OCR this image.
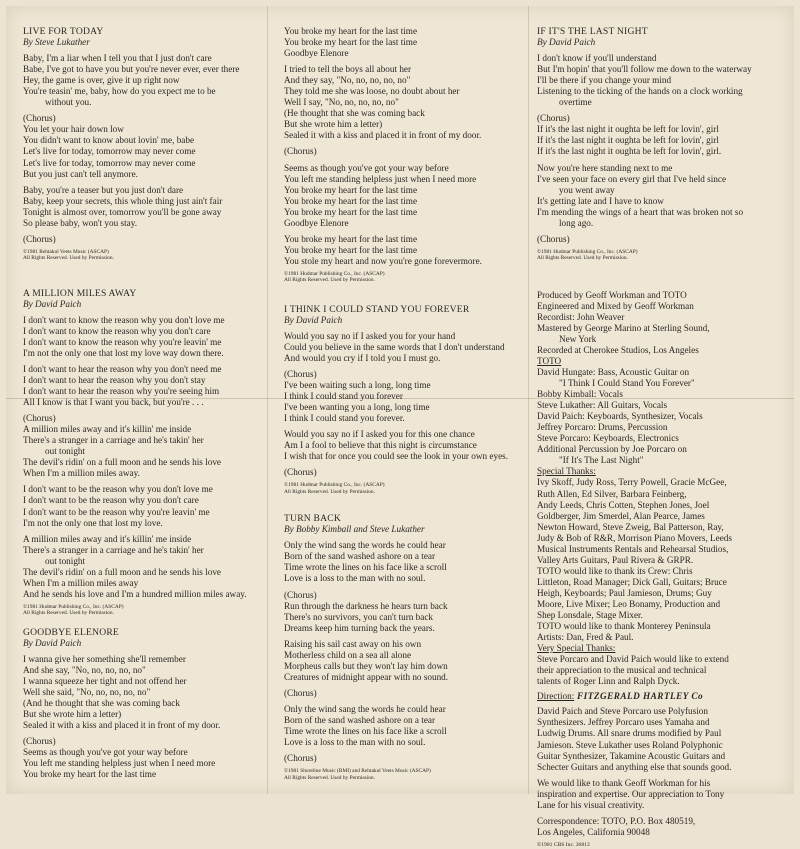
LIVE FOR TODAY
By Steve Lukather
Baby, I'm a liar when I tell you that I just don't care
Babe, I've got to have you but you're never ever, ever there
Hey, the game is over, give it up right now
You're teasin' me, baby, how do you expect me to be
without you.
(Chorus)
You let your hair down low
You didn't want to know about lovin' me, babe
Let's live for today, tomorrow may never come
Let's live for today, tomorrow may never come
But you just can't tell anymore.
Baby, you're a teaser but you just don't dare
Baby, keep your secrets, this whole thing just ain't fair
Tonight is almost over, tomorrow you'll be gone away
So please baby, won't you stay.
(Chorus)
©1981 Rehtakul Veets Music (ASCAP)
All Rights Reserved. Used by Permission.
A MILLION MILES AWAY
By David Paich
I don't want to know the reason why you don't love me
I don't want to know the reason why you don't care
I don't want to know the reason why you're leavin' me
I'm not the only one that lost my love way down there.
I don't want to hear the reason why you don't need me
I don't want to hear the reason why you don't stay
I don't want to hear the reason why you're seeing him
All I know is that I want you back, but you're . . .
(Chorus)
A million miles away and it's killin' me inside
There's a stranger in a carriage and he's takin' her
out tonight
The devil's ridin' on a full moon and he sends his love
When I'm a million miles away.
I don't want to be the reason why you don't love me
I don't want to be the reason why you don't care
I don't want to be the reason why you're leavin' me
I'm not the only one that lost my love.
A million miles away and it's killin' me inside
There's a stranger in a carriage and he's takin' her
out tonight
The devil's ridin' on a full moon and he sends his love
When I'm a million miles away
And he sends his love and I'm a hundred million miles away.
©1981 Hudmar Publishing Co., Inc. (ASCAP)
All Rights Reserved. Used by Permission.
GOODBYE ELENORE
By David Paich
I wanna give her something she'll remember
And she say, "No, no, no, no, no"
I wanna squeeze her tight and not offend her
Well she said, "No, no, no, no, no"
(And he thought that she was coming back
But she wrote him a letter)
Sealed it with a kiss and placed it in front of my door.
(Chorus)
Seems as though you've got your way before
You left me standing helpless just when I need more
You broke my heart for the last time
You broke my heart for the last time
You broke my heart for the last time
Goodbye Elenore
I tried to tell the boys all about her
And they say, "No, no, no, no, no"
They told me she was loose, no doubt about her
Well I say, "No, no, no, no, no"
(He thought that she was coming back
But she wrote him a letter)
Sealed it with a kiss and placed it in front of my door.
(Chorus)
Seems as though you've got your way before
You left me standing helpless just when I need more
You broke my heart for the last time
You broke my heart for the last time
You broke my heart for the last time
Goodbye Elenore
You broke my heart for the last time
You broke my heart for the last time
You stole my heart and now you're gone forevermore.
©1981 Hudmar Publishing Co., Inc. (ASCAP)
All Rights Reserved. Used by Permission.
I THINK I COULD STAND YOU FOREVER
By David Paich
Would you say no if I asked you for your hand
Could you believe in the same words that I don't understand
And would you cry if I told you I must go.
(Chorus)
I've been waiting such a long, long time
I think I could stand you forever
I've been wanting you a long, long time
I think I could stand you forever.
Would you say no if I asked you for this one chance
Am I a fool to believe that this night is circumstance
I wish that for once you could see the look in your own eyes.
(Chorus)
©1981 Hudmar Publishing Co., Inc. (ASCAP)
All Rights Reserved. Used by Permission.
TURN BACK
By Bobby Kimball and Steve Lukather
Only the wind sang the words he could hear
Born of the sand washed ashore on a tear
Time wrote the lines on his face like a scroll
Love is a loss to the man with no soul.
(Chorus)
Run through the darkness he hears turn back
There's no survivors, you can't turn back
Dreams keep him turning back the years.
Raising his sail cast away on his own
Motherless child on a sea all alone
Morpheus calls but they won't lay him down
Creatures of midnight appear with no sound.
(Chorus)
Only the wind sang the words he could hear
Born of the sand washed ashore on a tear
Time wrote the lines on his face like a scroll
Love is a loss to the man with no soul.
(Chorus)
©1981 Shoreline Music (BMI) and Rehtakul Veets Music (ASCAP)
All Rights Reserved. Used by Permission.
IF IT'S THE LAST NIGHT
By David Paich
I don't know if you'll understand
But I'm hopin' that you'll follow me down to the waterway
I'll be there if you change your mind
Listening to the ticking of the hands on a clock working
overtime
(Chorus)
If it's the last night it oughta be left for lovin', girl
If it's the last night it oughta be left for lovin', girl
If it's the last night it oughta be left for lovin', girl.
Now you're here standing next to me
I've seen your face on every girl that I've held since
you went away
It's getting late and I have to know
I'm mending the wings of a heart that was broken not so
long ago.
(Chorus)
©1981 Hudmar Publishing Co., Inc. (ASCAP)
All Rights Reserved. Used by Permission.
Produced by Geoff Workman and TOTO
Engineered and Mixed by Geoff Workman
Recordist: John Weaver
Mastered by George Marino at Sterling Sound,
New York
Recorded at Cherokee Studios, Los Angeles
TOTO
David Hungate: Bass, Acoustic Guitar on
"I Think I Could Stand You Forever"
Bobby Kimball: Vocals
Steve Lukather: All Guitars, Vocals
David Paich: Keyboards, Synthesizer, Vocals
Jeffrey Porcaro: Drums, Percussion
Steve Porcaro: Keyboards, Electronics
Additional Percussion by Joe Porcaro on
"If It's The Last Night"
Special Thanks:
Ivy Skoff, Judy Ross, Terry Powell, Gracie McGee,
Ruth Allen, Ed Silver, Barbara Feinberg,
Andy Leeds, Chris Cotten, Stephen Jones, Joel
Goldberger, Jim Smerdel, Alan Pearce, James
Newton Howard, Steve Zweig, Bal Patterson, Ray,
Judy & Bob of R&R, Morrison Piano Movers, Leeds
Musical Instruments Rentals and Rehearsal Studios,
Valley Arts Guitars, Paul Rivera & GRPR.
TOTO would like to thank its Crew: Chris
Littleton, Road Manager; Dick Gall, Guitars; Bruce
Heigh, Keyboards; Paul Jamieson, Drums; Guy
Moore, Live Mixer; Leo Bonamy, Production and
Shep Lonsdale, Stage Mixer.
TOTO would like to thank Monterey Peninsula
Artists: Dan, Fred & Paul.
Very Special Thanks:
Steve Porcaro and David Paich would like to extend
their appreciation to the musical and technical
talents of Roger Linn and Ralph Dyck.
Direction: FITZGERALD HARTLEY Co
David Paich and Steve Porcaro use Polyfusion
Synthesizers. Jeffrey Porcaro uses Yamaha and
Ludwig Drums. All snare drums modified by Paul
Jamieson. Steve Lukather uses Roland Polyphonic
Guitar Synthesizer, Takamine Acoustic Guitars and
Schecter Guitars and anything else that sounds good.
We would like to thank Geoff Workman for his
inspiration and expertise. Our appreciation to Tony
Lane for his visual creativity.
Correspondence: TOTO, P.O. Box 480519,
Los Angeles, California 90048
©1981 CBS Inc. 36813
